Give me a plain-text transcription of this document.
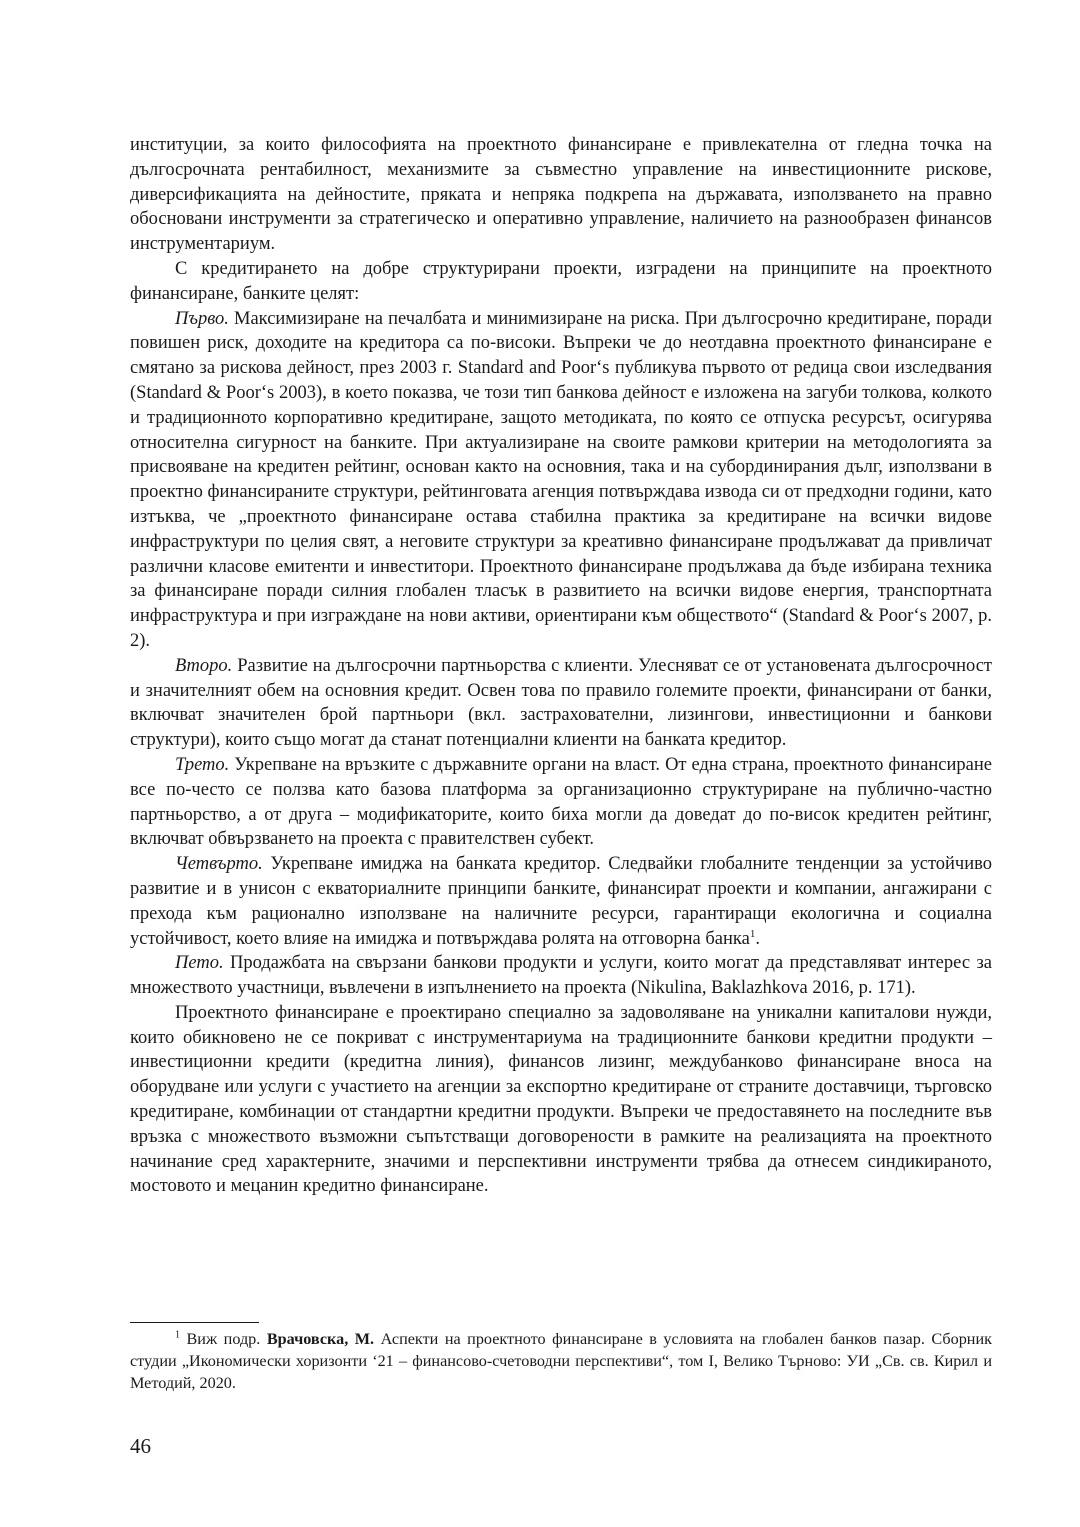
институции, за които философията на проектното финансиране е привлекателна от гледна точка на дългосрочната рентабилност, механизмите за съвместно управление на инвестиционните рискове, диверсификацията на дейностите, пряката и непряка подкрепа на държавата, използването на правно обосновани инструменти за стратегическо и оперативно управление, наличието на разнообразен финансов инструментариум.

С кредитирането на добре структурирани проекти, изградени на принципите на проектното финансиране, банките целят:

Първо. Максимизиране на печалбата и минимизиране на риска. При дългосрочно кредитиране, поради повишен риск, доходите на кредитора са по-високи. Въпреки че до неотдавна проектното финансиране е смятано за рискова дейност, през 2003 г. Standard and Poor‘s публикува първото от редица свои изследвания (Standard & Poor‘s 2003), в което показва, че този тип банкова дейност е изложена на загуби толкова, колкото и традиционното корпоративно кредитиране, защото методиката, по която се отпуска ресурсът, осигурява относителна сигурност на банките. При актуализиране на своите рамкови критерии на методологията за присвояване на кредитен рейтинг, основан както на основния, така и на субординирания дълг, използвани в проектно финансираните структури, рейтинговата агенция потвърждава извода си от предходни години, като изтъква, че „проектното финансиране остава стабилна практика за кредитиране на всички видове инфраструктури по целия свят, а неговите структури за креативно финансиране продължават да привличат различни класове емитенти и инвеститори. Проектното финансиране продължава да бъде избирана техника за финансиране поради силния глобален тласък в развитието на всички видове енергия, транспортната инфраструктура и при изграждане на нови активи, ориентирани към обществото“ (Standard & Poor‘s 2007, p. 2).

Второ. Развитие на дългосрочни партньорства с клиенти. Улесняват се от установената дългосрочност и значителният обем на основния кредит. Освен това по правило големите проекти, финансирани от банки, включват значителен брой партньори (вкл. застрахователни, лизингови, инвестиционни и банкови структури), които също могат да станат потенциални клиенти на банката кредитор.

Трето. Укрепване на връзките с държавните органи на власт. От една страна, проектното финансиране все по-често се ползва като базова платформа за организационно структуриране на публично-частно партньорство, а от друга – модификаторите, които биха могли да доведат до по-висок кредитен рейтинг, включват обвързването на проекта с правителствен субект.

Четвърто. Укрепване имиджа на банката кредитор. Следвайки глобалните тенденции за устойчиво развитие и в унисон с екваториалните принципи банките, финансират проекти и компании, ангажирани с прехода към рационално използване на наличните ресурси, гарантиращи екологична и социална устойчивост, което влияе на имиджа и потвърждава ролята на отговорна банка$^1$.

Пето. Продажбата на свързани банкови продукти и услуги, които могат да представляват интерес за множеството участници, въвлечени в изпълнението на проекта (Nikulina, Baklazhkova 2016, p. 171).

Проектното финансиране е проектирано специално за задоволяване на уникални капиталови нужди, които обикновено не се покриват с инструментариума на традиционните банкови кредитни продукти – инвестиционни кредити (кредитна линия), финансов лизинг, междубанково финансиране вноса на оборудване или услуги с участието на агенции за експортно кредитиране от страните доставчици, търговско кредитиране, комбинации от стандартни кредитни продукти. Въпреки че предоставянето на последните във връзка с множеството възможни съпътстващи договорености в рамките на реализацията на проектното начинание сред характерните, значими и перспективни инструменти трябва да отнесем синдикираното, мостовото и мецанин кредитно финансиране.

$^1$ Виж подр. Врачовска, М. Аспекти на проектното финансиране в условията на глобален банков пазар. Сборник студии „Икономически хоризонти ‘21 – финансово-счетоводни перспективи“, том I, Велико Търново: УИ „Св. св. Кирил и Методий, 2020.

46
